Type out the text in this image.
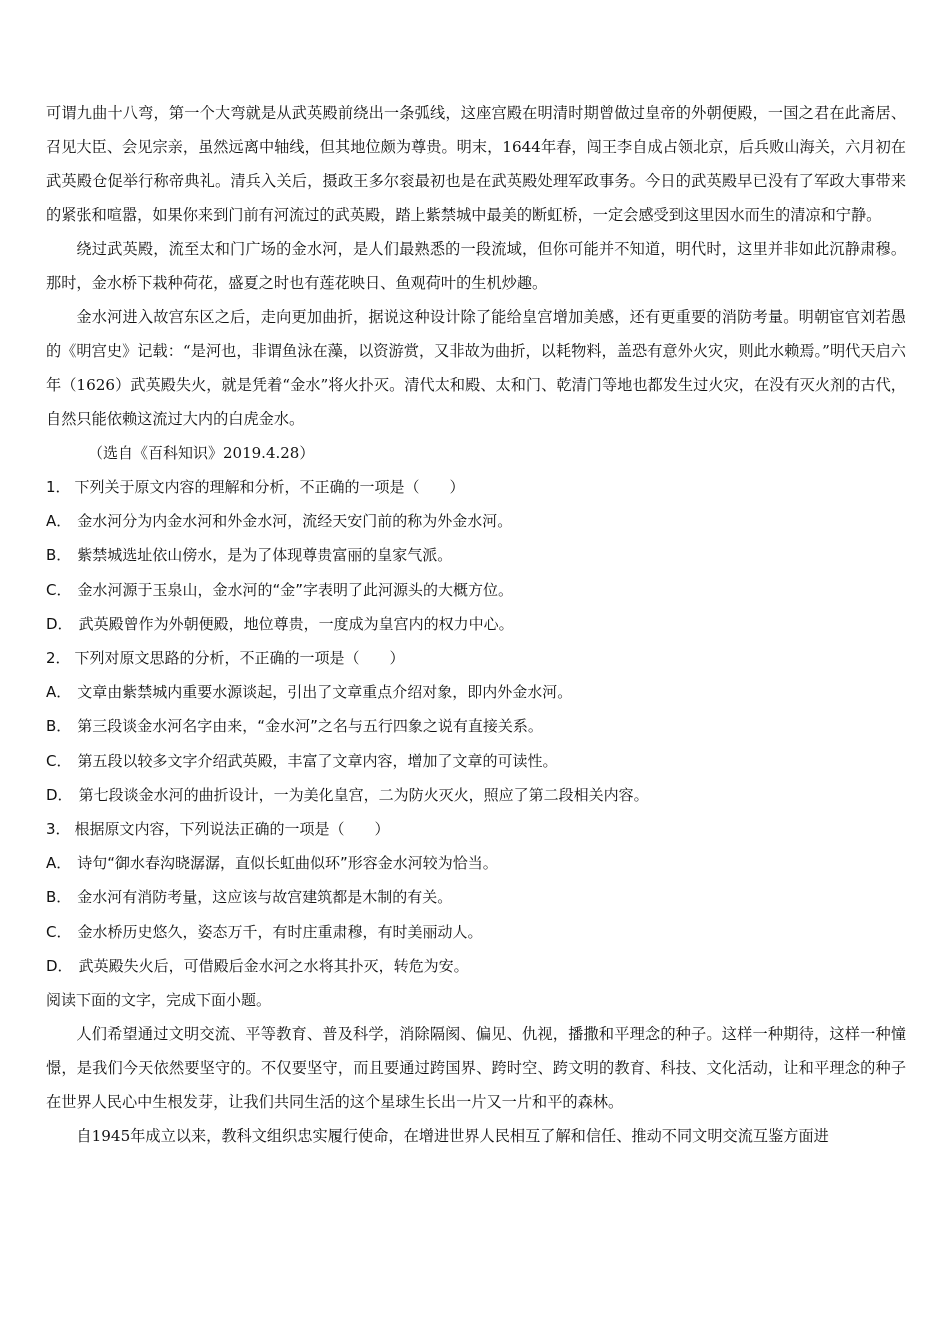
可谓九曲十八弯，第一个大弯就是从武英殿前绕出一条弧线，这座宫殿在明清时期曾做过皇帝的外朝便殿，一国之君在此斋居、召见大臣、会见宗亲，虽然远离中轴线，但其地位颇为尊贵。明末，1644年春，闯王李自成占领北京，后兵败山海关，六月初在武英殿仓促举行称帝典礼。清兵入关后，摄政王多尔衮最初也是在武英殿处理军政事务。今日的武英殿早已没有了军政大事带来的紧张和喧嚣，如果你来到门前有河流过的武英殿，踏上紫禁城中最美的断虹桥，一定会感受到这里因水而生的清凉和宁静。

绕过武英殿，流至太和门广场的金水河，是人们最熟悉的一段流域，但你可能并不知道，明代时，这里并非如此沉静肃穆。那时，金水桥下栽种荷花，盛夏之时也有莲花映日、鱼观荷叶的生机炒趣。

金水河进入故宫东区之后，走向更加曲折，据说这种设计除了能给皇宫增加美感，还有更重要的消防考量。明朝宦官刘若愚的《明宫史》记载：“是河也，非谓鱼泳在藻，以资游赏，又非故为曲折，以耗物料，盖恐有意外火灾，则此水赖焉。”明代天启六年（1626）武英殿失火，就是凭着“金水”将火扑灭。清代太和殿、太和门、乾清门等地也都发生过火灾，在没有灭火剂的古代，自然只能依赖这流过大内的白虎金水。

（选自《百科知识》2019.4.28）

1． 下列关于原文内容的理解和分析，不正确的一项是（　　）

A． 金水河分为内金水河和外金水河，流经天安门前的称为外金水河。

B． 紫禁城选址依山傍水，是为了体现尊贵富丽的皇家气派。

C． 金水河源于玉泉山，金水河的“金”字表明了此河源头的大概方位。

D． 武英殿曾作为外朝便殿，地位尊贵，一度成为皇宫内的权力中心。

2． 下列对原文思路的分析，不正确的一项是（　　）

A． 文章由紫禁城内重要水源谈起，引出了文章重点介绍对象，即内外金水河。

B． 第三段谈金水河名字由来，“金水河”之名与五行四象之说有直接关系。

C． 第五段以较多文字介绍武英殿，丰富了文章内容，增加了文章的可读性。

D． 第七段谈金水河的曲折设计，一为美化皇宫，二为防火灭火，照应了第二段相关内容。

3． 根据原文内容，下列说法正确的一项是（　　）

A． 诗句“御水春沟晓潺潺，直似长虹曲似环”形容金水河较为恰当。

B． 金水河有消防考量，这应该与故宫建筑都是木制的有关。

C． 金水桥历史悠久，姿态万千，有时庄重肃穆，有时美丽动人。

D． 武英殿失火后，可借殿后金水河之水将其扑灭，转危为安。

阅读下面的文字，完成下面小题。

人们希望通过文明交流、平等教育、普及科学，消除隔阂、偏见、仇视，播撒和平理念的种子。这样一种期待，这样一种憧憬，是我们今天依然要坚守的。不仅要坚守，而且要通过跨国界、跨时空、跨文明的教育、科技、文化活动，让和平理念的种子在世界人民心中生根发芽，让我们共同生活的这个星球生长出一片又一片和平的森林。

自1945年成立以来，教科文组织忠实履行使命，在增进世界人民相互了解和信任、推动不同文明交流互鉴方面进
